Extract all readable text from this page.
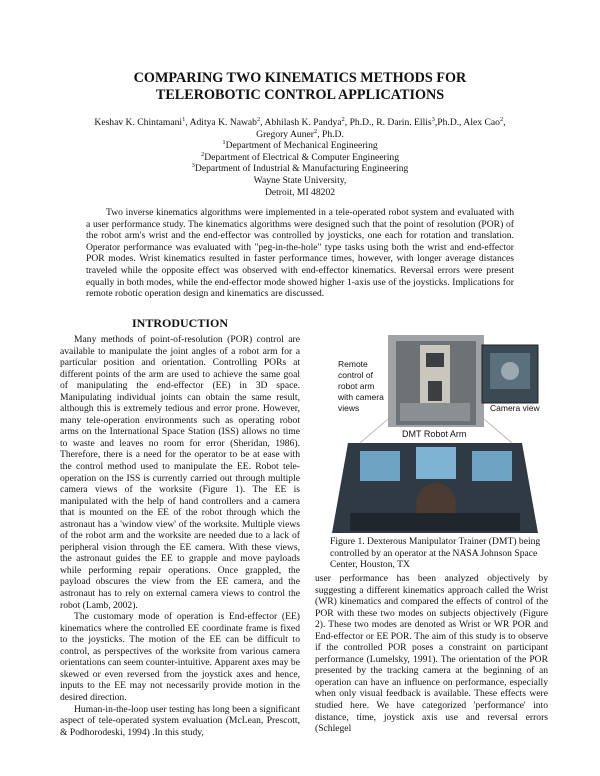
COMPARING TWO KINEMATICS METHODS FOR
TELEROBOTIC CONTROL APPLICATIONS
Keshav K. Chintamani$^1$, Aditya K. Nawab$^2$, Abhilash K. Pandya$^2$, Ph.D., R. Darin. Ellis$^3$,Ph.D., Alex Cao$^2$,
Gregory Auner$^2$, Ph.D.
$^1$Department of Mechanical Engineering
$^2$Department of Electrical & Computer Engineering
$^3$Department of Industrial & Manufacturing Engineering
Wayne State University,
Detroit, MI 48202

Two inverse kinematics algorithms were implemented in a tele-operated robot system and evaluated with a user performance study. The kinematics algorithms were designed such that the point of resolution (POR) of the robot arm's wrist and the end-effector was controlled by joysticks, one each for rotation and translation. Operator performance was evaluated with "peg-in-the-hole" type tasks using both the wrist and end-effector POR modes. Wrist kinematics resulted in faster performance times, however, with longer average distances traveled while the opposite effect was observed with end-effector kinematics. Reversal errors were present equally in both modes, while the end-effector mode showed higher 1-axis use of the joysticks. Implications for remote robotic operation design and kinematics are discussed.

INTRODUCTION

Many methods of point-of-resolution (POR) control are available to manipulate the joint angles of a robot arm for a particular position and orientation. Controlling PORs at different points of the arm are used to achieve the same goal of manipulating the end-effector (EE) in 3D space. Manipulating individual joints can obtain the same result, although this is extremely tedious and error prone. However, many tele-operation environments such as operating robot arms on the International Space Station (ISS) allows no time to waste and leaves no room for error (Sheridan, 1986). Therefore, there is a need for the operator to be at ease with the control method used to manipulate the EE. Robot tele-operation on the ISS is currently carried out through multiple camera views of the worksite (Figure 1). The EE is manipulated with the help of hand controllers and a camera that is mounted on the EE of the robot through which the astronaut has a 'window view' of the worksite. Multiple views of the robot arm and the worksite are needed due to a lack of peripheral vision through the EE camera. With these views, the astronaut guides the EE to grapple and move payloads while performing repair operations. Once grappled, the payload obscures the view from the EE camera, and the astronaut has to rely on external camera views to control the robot (Lamb, 2002).

The customary mode of operation is End-effector (EE) kinematics where the controlled EE coordinate frame is fixed to the joysticks. The motion of the EE can be difficult to control, as perspectives of the worksite from various camera orientations can seem counter-intuitive. Apparent axes may be skewed or even reversed from the joystick axes and hence, inputs to the EE may not necessarily provide motion in the desired direction.

Human-in-the-loop user testing has long been a significant aspect of tele-operated system evaluation (McLean, Prescott, & Podhorodeski, 1994) .In this study,

Remote
control of
robot arm
with camera
views	Camera view
DMT Robot Arm
Figure 1. Dexterous Manipulator Trainer (DMT) being controlled by an operator at the NASA Johnson Space Center, Houston, TX

user performance has been analyzed objectively by suggesting a different kinematics approach called the Wrist (WR) kinematics and compared the effects of control of the POR with these two modes on subjects objectively (Figure 2). These two modes are denoted as Wrist or WR POR and End-effector or EE POR. The aim of this study is to observe if the controlled POR poses a constraint on participant performance (Lumelsky, 1991). The orientation of the POR presented by the tracking camera at the beginning of an operation can have an influence on performance, especially when only visual feedback is available. These effects were studied here. We have categorized 'performance' into distance, time, joystick axis use and reversal errors (Schlegel
